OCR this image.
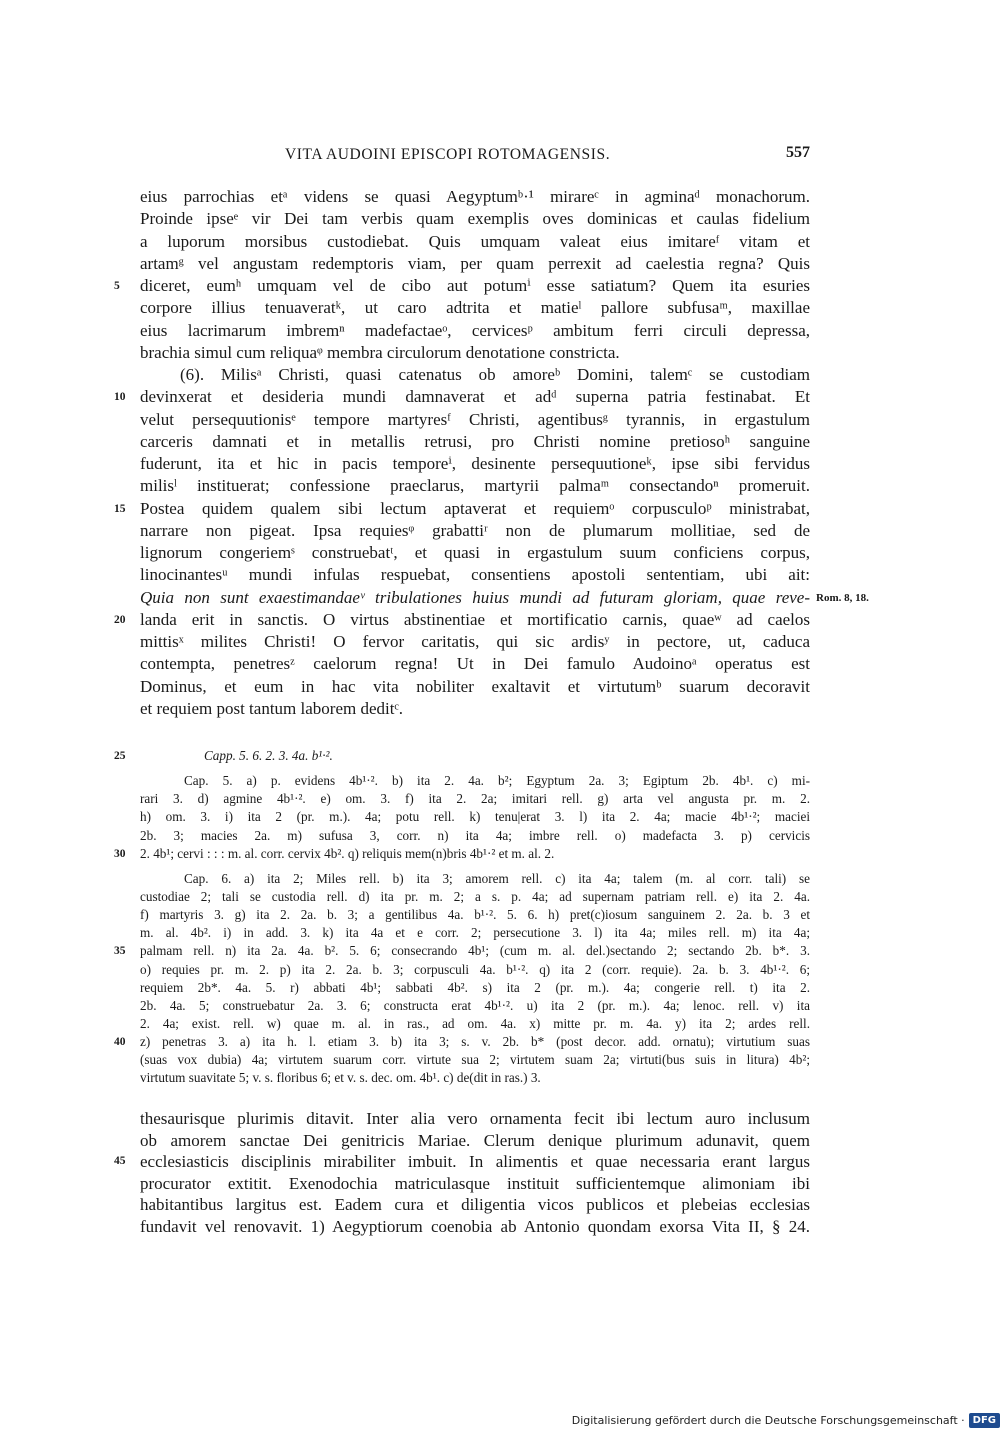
VITA AUDOINI EPISCOPI ROTOMAGENSIS.	557
eius parrochias etᵃ videns se quasi Aegyptumᵇ·¹ mirareᶜ in agminaᵈ monachorum.
Proinde ipseᵉ vir Dei tam verbis quam exemplis oves dominicas et caulas fidelium
a luporum morsibus custodiebat. Quis umquam valeat eius imitareᶠ vitam et
artamᵍ vel angustam redemptoris viam, per quam perrexit ad caelestia regna? Quis
5 diceret, eumʰ umquam vel de cibo aut potumⁱ esse satiatum? Quem ita esuries
corpore illius tenuaveratᵏ, ut caro adtrita et matieˡ pallore subfusaᵐ, maxillae
eius lacrimarum imbremⁿ madefactaeᵒ, cervicesᵖ ambitum ferri circuli depressa,
brachia simul cum reliquaᵠ membra circulorum denotatione constricta.
(6). Milisᵃ Christi, quasi catenatus ob amoreᵇ Domini, talemᶜ se custodiam
10 devinxerat et desideria mundi damnaverat et adᵈ superna patria festinabat. Et
velut persequutionisᵉ tempore martyresᶠ Christi, agentibusᵍ tyrannis, in ergastulum
carceris damnati et in metallis retrusi, pro Christi nomine pretiosoʰ sanguine
fuderunt, ita et hic in pacis temporeⁱ, desinente persequutioneᵏ, ipse sibi fervidus
milisˡ instituerat; confessione praeclarus, martyrii palmaᵐ consectandoⁿ promeruit.
15 Postea quidem qualem sibi lectum aptaverat et requiemᵒ corpusculoᵖ ministrabat,
narrare non pigeat. Ipsa requiesᵠ grabattiʳ non de plumarum mollitiae, sed de
lignorum congeriemˢ construebatᵗ, et quasi in ergastulum suum conficiens corpus,
linocinantesᵘ mundi infulas respuebat, consentiens apostoli sententiam, ubi ait:
Quia non sunt exaestimandaeᵛ tribulationes huius mundi ad futuram gloriam, quae reve- Rom. 8, 18.
20 landa erit in sanctis. O virtus abstinentiae et mortificatio carnis, quaeʷ ad caelos
mittisˣ milites Christi! O fervor caritatis, qui sic ardisʸ in pectore, ut, caduca
contempta, penetresᶻ caelorum regna! Ut in Dei famulo Audoinoᵃ operatus est
Dominus, et eum in hac vita nobiliter exaltavit et virtutumᵇ suarum decoravit
et requiem post tantum laborem deditᶜ.
25	Capp. 5. 6. 2. 3. 4a. b¹·².
Cap. 5. a) p. evidens 4b¹·². b) ita 2. 4a. b²; Egyptum 2a. 3; Egiptum 2b. 4b¹. c) mi-
rari 3. d) agmine 4b¹·². e) om. 3. f) ita 2. 2a; imitari rell. g) arta vel angusta pr. m. 2.
h) om. 3. i) ita 2 (pr. m.). 4a; potu rell. k) tenu|erat 3. l) ita 2. 4a; macie 4b¹·²; maciei
2b. 3; macies 2a. m) sufusa 3, corr. n) ita 4a; imbre rell. o) madefacta 3. p) cervicis
30 2. 4b¹; cervi : : : m. al. corr. cervix 4b². q) reliquis mem(n)bris 4b¹·² et m. al. 2.
Cap. 6. a) ita 2; Miles rell. b) ita 3; amorem rell. c) ita 4a; talem (m. al corr. tali) se
custodiae 2; tali se custodia rell. d) ita pr. m. 2; a s. p. 4a; ad supernam patriam rell. e) ita 2. 4a.
f) martyris 3. g) ita 2. 2a. b. 3; a gentilibus 4a. b¹·². 5. 6. h) pret(c)iosum sanguinem 2. 2a. b. 3 et
m. al. 4b². i) in add. 3. k) ita 4a et e corr. 2; persecutione 3. l) ita 4a; miles rell. m) ita 4a;
35 palmam rell. n) ita 2a. 4a. b². 5. 6; consecrando 4b¹; (cum m. al. del.)sectando 2; sectando 2b. b*. 3.
o) requies pr. m. 2. p) ita 2. 2a. b. 3; corpusculi 4a. b¹·². q) ita 2 (corr. requie). 2a. b. 3. 4b¹·². 6;
requiem 2b*. 4a. 5. r) abbati 4b¹; sabbati 4b². s) ita 2 (pr. m.). 4a; congerie rell. t) ita 2.
2b. 4a. 5; construebatur 2a. 3. 6; constructa erat 4b¹·². u) ita 2 (pr. m.). 4a; lenoc. rell. v) ita
2. 4a; exist. rell. w) quae m. al. in ras., ad om. 4a. x) mitte pr. m. 4a. y) ita 2; ardes rell.
40 z) penetras 3. a) ita h. l. etiam 3. b) ita 3; s. v. 2b. b* (post decor. add. ornatu); virtutium suas
(suas vox dubia) 4a; virtutem suarum corr. virtute sua 2; virtutem suam 2a; virtuti(bus suis in litura) 4b²;
virtutum suavitate 5; v. s. floribus 6; et v. s. dec. om. 4b¹. c) de(dit in ras.) 3.
thesaurisque plurimis ditavit. Inter alia vero ornamenta fecit ibi lectum auro inclusum
ob amorem sanctae Dei genitricis Mariae. Clerum denique plurimum adunavit, quem
45 ecclesiasticis disciplinis mirabiliter imbuit. In alimentis et quae necessaria erant largus
procurator extitit. Exenodochia matriculasque instituit sufficientemque alimoniam ibi
habitantibus largitus est. Eadem cura et diligentia vicos publicos et plebeias ecclesias
fundavit vel renovavit. 1) Aegyptiorum coenobia ab Antonio quondam exorsa Vita II, § 24.
Digitalisierung gefördert durch die Deutsche Forschungsgemeinschaft · DFG
